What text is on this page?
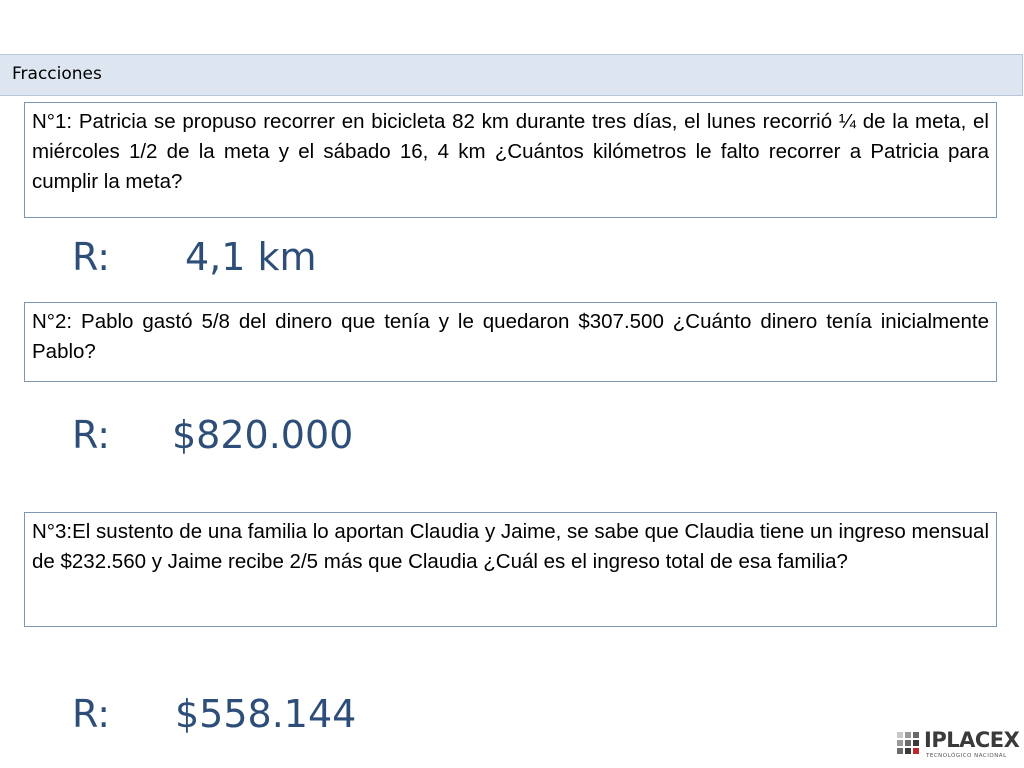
Fracciones
N°1: Patricia se propuso recorrer en bicicleta 82 km durante tres días, el lunes recorrió ¼ de la meta, el miércoles 1/2 de la meta y el sábado 16, 4 km ¿Cuántos kilómetros le falto recorrer a Patricia para cumplir la meta?
R: 4,1 km
N°2: Pablo gastó 5/8 del dinero que tenía y le quedaron $307.500 ¿Cuánto dinero tenía inicialmente Pablo?
R: $820.000
N°3:El sustento de una familia lo aportan Claudia y Jaime, se sabe que Claudia tiene un ingreso mensual de $232.560 y Jaime recibe 2/5 más que Claudia ¿Cuál es el ingreso total de esa familia?
R: $558.144
IPLACEX
TECNOLÓGICO NACIONAL
